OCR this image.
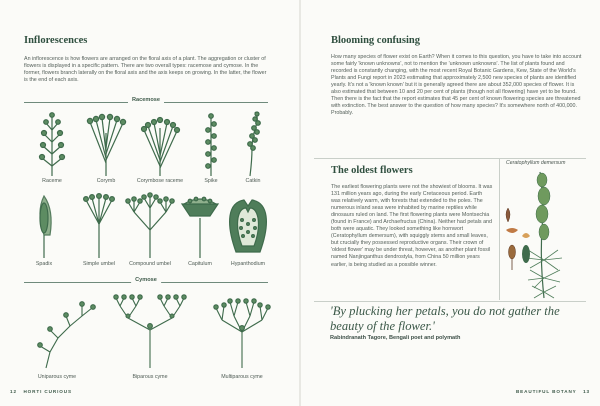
Inflorescences

An inflorescence is how flowers are arranged on the floral axis of a plant. The aggregation or cluster of flowers is displayed in a specific pattern. There are two overall types: racemose and cymose. In the former, flowers branch laterally on the floral axis and the axis keeps on growing. In the latter, the flower is the end of each axis.

Racemose
Raceme	Corymb	Corymbose raceme	Spike	Catkin
Spadix	Simple umbel	Compound umbel	Capitulum	Hypanthodium
Cymose
Uniparous cyme	Biparous cyme	Multiparous cyme
Blooming confusing

How many species of flower exist on Earth? When it comes to this question, you have to take into account some fairly 'known unknowns', not to mention the 'unknown unknowns'. The list of plants found and recorded is constantly changing, with the most recent Royal Botanic Gardens, Kew, State of the World's Plants and Fungi report in 2023 estimating that approximately 2,500 new species of plants are identified yearly. It's not a 'known known' but it is generally agreed there are about 352,000 species of flower. It is also estimated that between 10 and 20 per cent of plants (though not all flowering) have yet to be found. Then there is the fact that the report estimates that 45 per cent of known flowering species are threatened with extinction. The best answer to the question of how many species? It's somewhere north of 400,000. Probably.

The oldest flowers

The earliest flowering plants were not the showiest of blooms. It was 131 million years ago, during the early Cretaceous period. Earth was relatively warm, with forests that extended to the poles. The numerous inland seas were inhabited by marine reptiles while dinosaurs ruled on land. The first flowering plants were Montsechia (found in France) and Archaefructus (China). Neither had petals and both were aquatic. They looked something like hornwort (Ceratophyllum demersum), with squiggly stems and small leaves, but crucially they possessed reproductive organs. Their crown of 'oldest flower' may be under threat, however, as another plant fossil named Nanjinganthus dendrostyla, from China 50 million years earlier, is being studied as a possible winner.

Ceratophyllum demersum
'By plucking her petals, you do not gather the beauty of the flower.'
Rabindranath Tagore, Bengali poet and polymath
12 HORTI CURIOUS	BEAUTIFUL BOTANY 13
